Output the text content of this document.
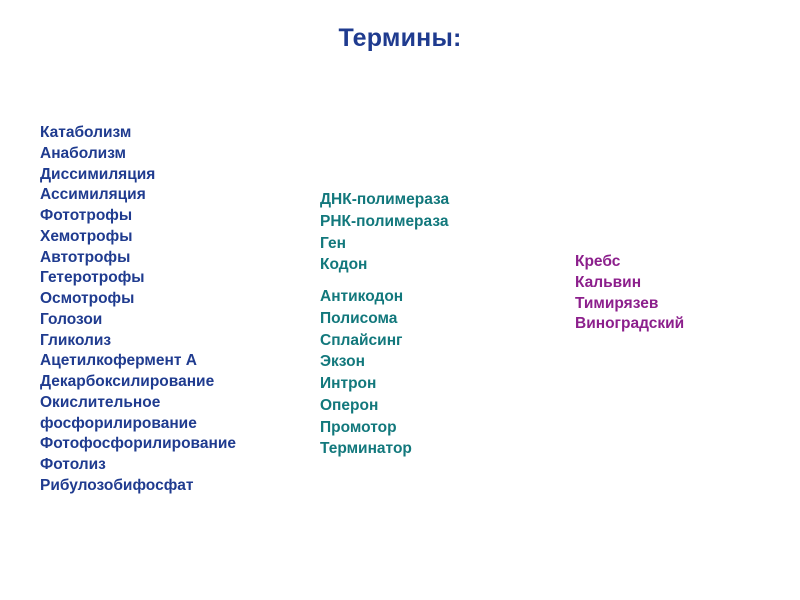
Термины:
Катаболизм
Анаболизм
Диссимиляция
Ассимиляция
Фототрофы
Хемотрофы
Автотрофы
Гетеротрофы
Осмотрофы
Голозои
Гликолиз
Ацетилкофермент А
Декарбоксилирование
Окислительное фосфорилирование
Фотофосфорилирование
Фотолиз
Рибулозобифосфат
ДНК-полимераза
РНК-полимераза
Ген
Кодон
Антикодон
Полисома
Сплайсинг
Экзон
Интрон
Оперон
Промотор
Терминатор
Кребс
Кальвин
Тимирязев
Виноградский
